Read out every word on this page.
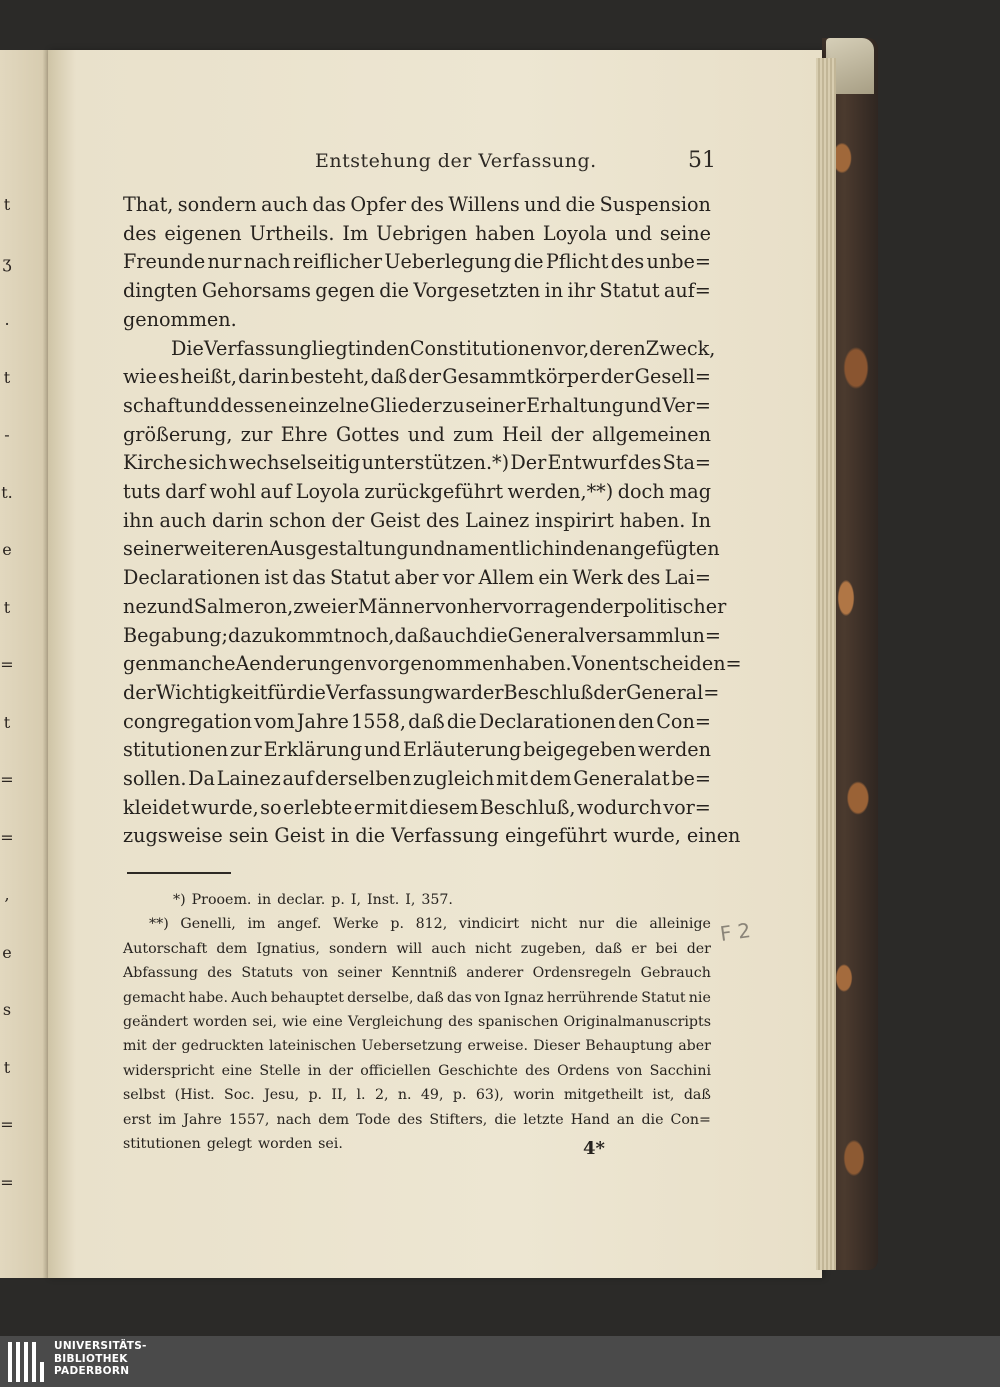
t
ʒ
.
t
-
t.
e
t
=
t
=
=
,
e
s
t
=
=
Entstehung der Verfassung.	51
That, sondern auch das Opfer des Willens und die Suspension
des eigenen Urtheils. Im Uebrigen haben Loyola und seine
Freunde nur nach reiflicher Ueberlegung die Pflicht des unbe=
dingten Gehorsams gegen die Vorgesetzten in ihr Statut auf=
genommen.
Die Verfassung liegt in den Constitutionen vor, deren Zweck,
wie es heißt, darin besteht, daß der Gesammtkörper der Gesell=
schaft und dessen einzelne Glieder zu seiner Erhaltung und Ver=
größerung, zur Ehre Gottes und zum Heil der allgemeinen
Kirche sich wechselseitig unterstützen.*) Der Entwurf des Sta=
tuts darf wohl auf Loyola zurückgeführt werden,**) doch mag
ihn auch darin schon der Geist des Lainez inspirirt haben. In
seiner weiteren Ausgestaltung und namentlich in den angefügten
Declarationen ist das Statut aber vor Allem ein Werk des Lai=
nez und Salmeron, zweier Männer von hervorragender politischer
Begabung; dazu kommt noch, daß auch die Generalversammlun=
gen manche Aenderungen vorgenommen haben. Von entscheiden=
der Wichtigkeit für die Verfassung war der Beschluß der General=
congregation vom Jahre 1558, daß die Declarationen den Con=
stitutionen zur Erklärung und Erläuterung beigegeben werden
sollen. Da Lainez auf derselben zugleich mit dem Generalat be=
kleidet wurde, so erlebte er mit diesem Beschluß, wodurch vor=
zugsweise sein Geist in die Verfassung eingeführt wurde, einen
*) Prooem. in declar. p. I, Inst. I, 357.
**) Genelli, im angef. Werke p. 812, vindicirt nicht nur die alleinige
Autorschaft dem Ignatius, sondern will auch nicht zugeben, daß er bei der
Abfassung des Statuts von seiner Kenntniß anderer Ordensregeln Gebrauch
gemacht habe. Auch behauptet derselbe, daß das von Ignaz herrührende Statut nie
geändert worden sei, wie eine Vergleichung des spanischen Originalmanuscripts
mit der gedruckten lateinischen Uebersetzung erweise. Dieser Behauptung aber
widerspricht eine Stelle in der officiellen Geschichte des Ordens von Sacchini
selbst (Hist. Soc. Jesu, p. II, l. 2, n. 49, p. 63), worin mitgetheilt ist, daß
erst im Jahre 1557, nach dem Tode des Stifters, die letzte Hand an die Con=
stitutionen gelegt worden sei.
F 2
4*
UNIVERSITÄTS-
BIBLIOTHEK
PADERBORN
